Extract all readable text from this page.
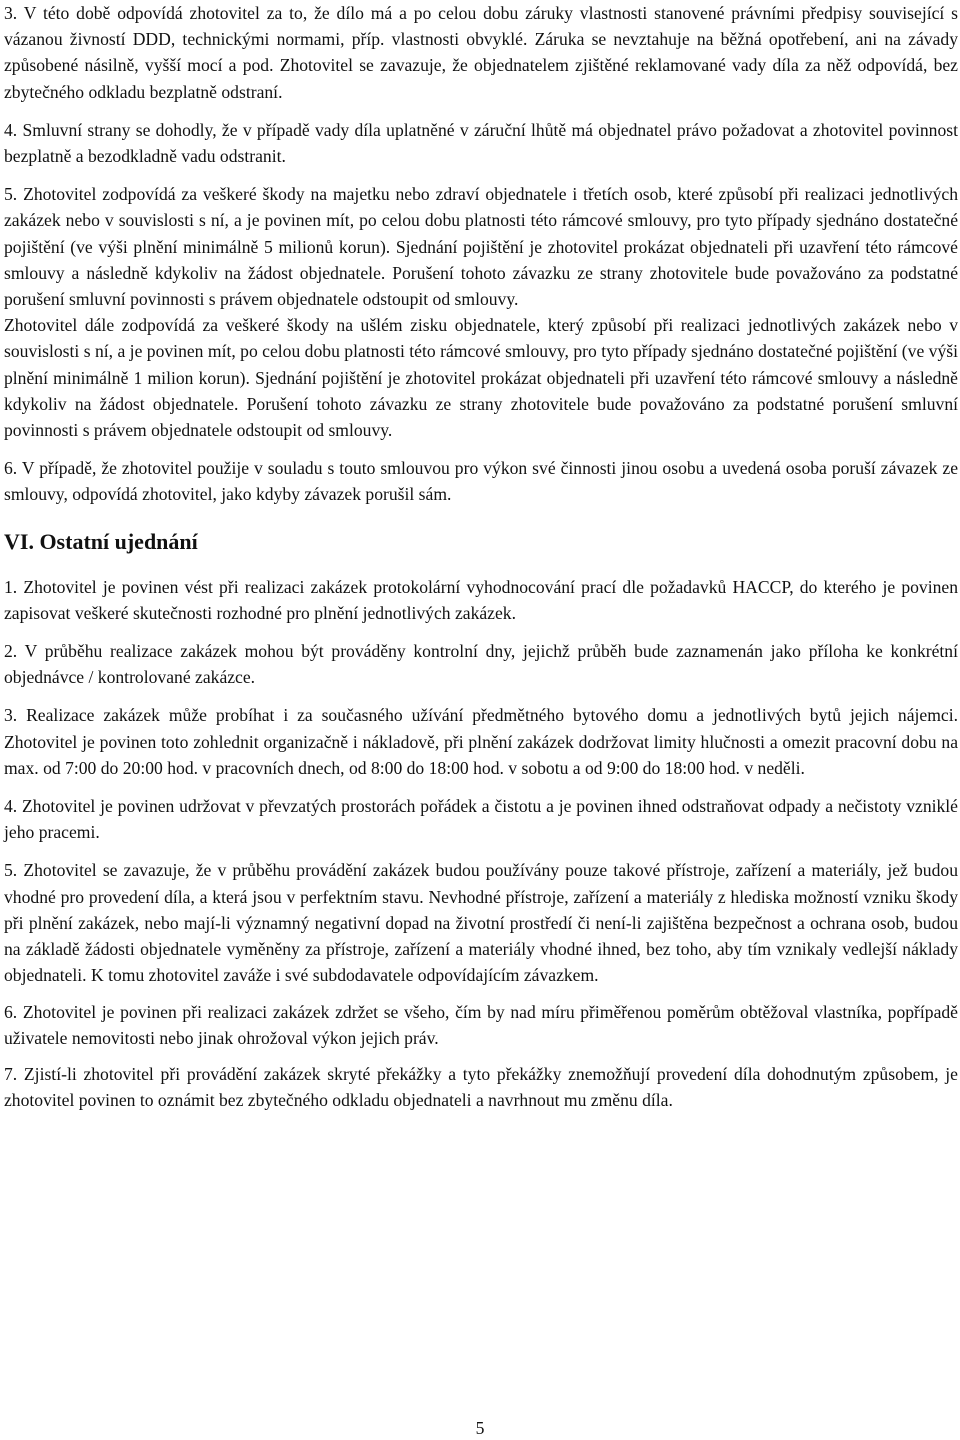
3. V této době odpovídá zhotovitel za to, že dílo má a po celou dobu záruky vlastnosti stanovené právními předpisy související s vázanou živností DDD, technickými normami, příp. vlastnosti obvyklé. Záruka se nevztahuje na běžná opotřebení, ani na závady způsobené násilně, vyšší mocí a pod. Zhotovitel se zavazuje, že objednatelem zjištěné reklamované vady díla za něž odpovídá, bez zbytečného odkladu bezplatně odstraní.

4. Smluvní strany se dohodly, že v případě vady díla uplatněné v záruční lhůtě má objednatel právo požadovat a zhotovitel povinnost bezplatně a bezodkladně vadu odstranit.

5. Zhotovitel zodpovídá za veškeré škody na majetku nebo zdraví objednatele i třetích osob, které způsobí při realizaci jednotlivých zakázek nebo v souvislosti s ní, a je povinen mít, po celou dobu platnosti této rámcové smlouvy, pro tyto případy sjednáno dostatečné pojištění (ve výši plnění minimálně 5 milionů korun). Sjednání pojištění je zhotovitel prokázat objednateli při uzavření této rámcové smlouvy a následně kdykoliv na žádost objednatele. Porušení tohoto závazku ze strany zhotovitele bude považováno za podstatné porušení smluvní povinnosti s právem objednatele odstoupit od smlouvy.

Zhotovitel dále zodpovídá za veškeré škody na ušlém zisku objednatele, který způsobí při realizaci jednotlivých zakázek nebo v souvislosti s ní, a je povinen mít, po celou dobu platnosti této rámcové smlouvy, pro tyto případy sjednáno dostatečné pojištění (ve výši plnění minimálně 1 milion korun). Sjednání pojištění je zhotovitel prokázat objednateli při uzavření této rámcové smlouvy a následně kdykoliv na žádost objednatele. Porušení tohoto závazku ze strany zhotovitele bude považováno za podstatné porušení smluvní povinnosti s právem objednatele odstoupit od smlouvy.

6. V případě, že zhotovitel použije v souladu s touto smlouvou pro výkon své činnosti jinou osobu a uvedená osoba poruší závazek ze smlouvy, odpovídá zhotovitel, jako kdyby závazek porušil sám.

VI. Ostatní ujednání

1. Zhotovitel je povinen vést při realizaci zakázek protokolární vyhodnocování prací dle požadavků HACCP, do kterého je povinen zapisovat veškeré skutečnosti rozhodné pro plnění jednotlivých zakázek.

2. V průběhu realizace zakázek mohou být prováděny kontrolní dny, jejichž průběh bude zaznamenán jako příloha ke konkrétní objednávce / kontrolované zakázce.

3. Realizace zakázek může probíhat i za současného užívání předmětného bytového domu a jednotlivých bytů jejich nájemci. Zhotovitel je povinen toto zohlednit organizačně i nákladově, při plnění zakázek dodržovat limity hlučnosti a omezit pracovní dobu na max. od 7:00 do 20:00 hod. v pracovních dnech, od 8:00 do 18:00 hod. v sobotu a od 9:00 do 18:00 hod. v neděli.

4. Zhotovitel je povinen udržovat v převzatých prostorách pořádek a čistotu a je povinen ihned odstraňovat odpady a nečistoty vzniklé jeho pracemi.

5. Zhotovitel se zavazuje, že v průběhu provádění zakázek budou používány pouze takové přístroje, zařízení a materiály, jež budou vhodné pro provedení díla, a která jsou v perfektním stavu. Nevhodné přístroje, zařízení a materiály z hlediska možností vzniku škody při plnění zakázek, nebo mají-li významný negativní dopad na životní prostředí či není-li zajištěna bezpečnost a ochrana osob, budou na základě žádosti objednatele vyměněny za přístroje, zařízení a materiály vhodné ihned, bez toho, aby tím vznikaly vedlejší náklady objednateli. K tomu zhotovitel zaváže i své subdodavatele odpovídajícím závazkem.

6. Zhotovitel je povinen při realizaci zakázek zdržet se všeho, čím by nad míru přiměřenou poměrům obtěžoval vlastníka, popřípadě uživatele nemovitosti nebo jinak ohrožoval výkon jejich práv.

7. Zjistí-li zhotovitel při provádění zakázek skryté překážky a tyto překážky znemožňují provedení díla dohodnutým způsobem, je zhotovitel povinen to oznámit bez zbytečného odkladu objednateli a navrhnout mu změnu díla.

5
